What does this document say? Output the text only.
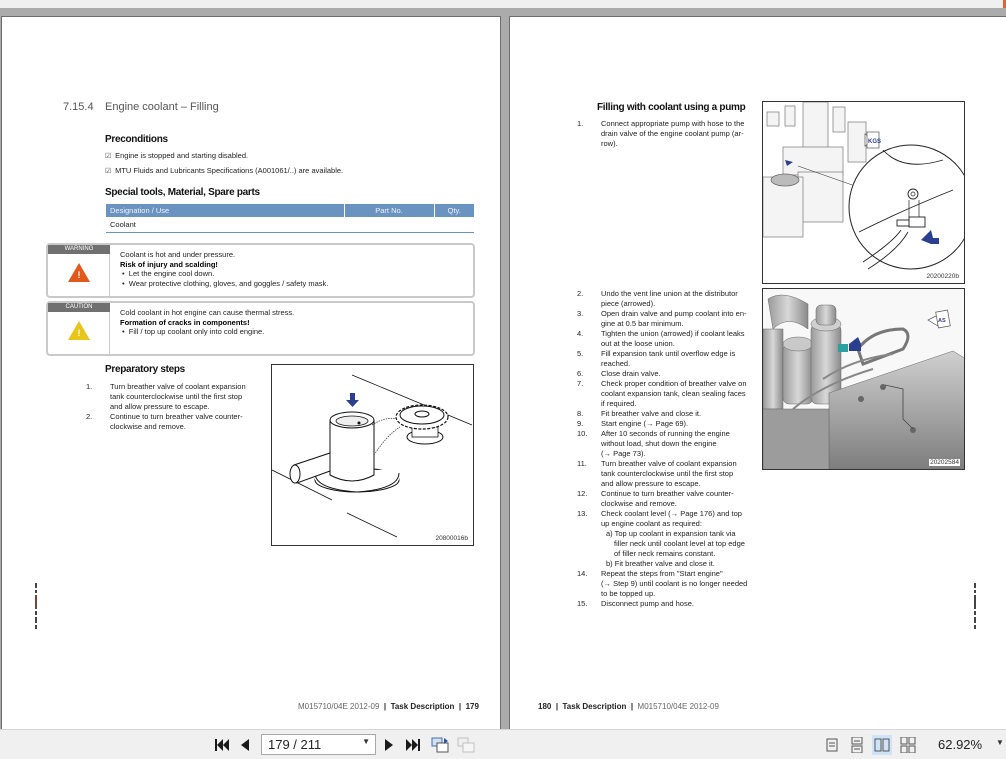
7.15.4 Engine coolant – Filling
Preconditions
☑ Engine is stopped and starting disabled.
☑ MTU Fluids and Lubricants Specifications (A001061/..) are available.
Special tools, Material, Spare parts
Designation / Use	Part No.	Qty.
Coolant		
WARNING
!
Coolant is hot and under pressure.
Risk of injury and scalding!
•  Let the engine cool down.
•  Wear protective clothing, gloves, and goggles / safety mask.
CAUTION
!
Cold coolant in hot engine can cause thermal stress.
Formation of cracks in components!
•  Fill / top up coolant only into cold engine.
Preparatory steps
1.	Turn breather valve of coolant expansion
tank counterclockwise until the first stop
and allow pressure to escape.
2.	Continue to turn breather valve counter-
clockwise and remove.
20800016b
M015710/04E 2012-09 | Task Description | 179
Filling with coolant using a pump
1.	Connect appropriate pump with hose to the
drain valve of the engine coolant pump (ar-
row).
2.	Undo the vent line union at the distributor
piece (arrowed).
3.	Open drain valve and pump coolant into en-
gine at 0.5 bar minimum.
4.	Tighten the union (arrowed) if coolant leaks
out at the loose union.
5.	Fill expansion tank until overflow edge is
reached.
6.	Close drain valve.
7.	Check proper condition of breather valve on
coolant expansion tank, clean sealing faces
if required.
8.	Fit breather valve and close it.
9.	Start engine (→ Page 69).
10.	After 10 seconds of running the engine
without load, shut down the engine
(→ Page 73).
11.	Turn breather valve of coolant expansion
tank counterclockwise until the first stop
and allow pressure to escape.
12.	Continue to turn breather valve counter-
clockwise and remove.
13.	Check coolant level (→ Page 176) and top
up engine coolant as required:
a) Top up coolant in expansion tank via
filler neck until coolant level at top edge
of filler neck remains constant.
b) Fit breather valve and close it.
14.	Repeat the steps from "Start engine"
(→ Step 9) until coolant is no longer needed
to be topped up.
15.	Disconnect pump and hose.
KGS
20200220b
AS
20202584
180 | Task Description | M015710/04E 2012-09
179 / 211	▼	62.92% ▼
